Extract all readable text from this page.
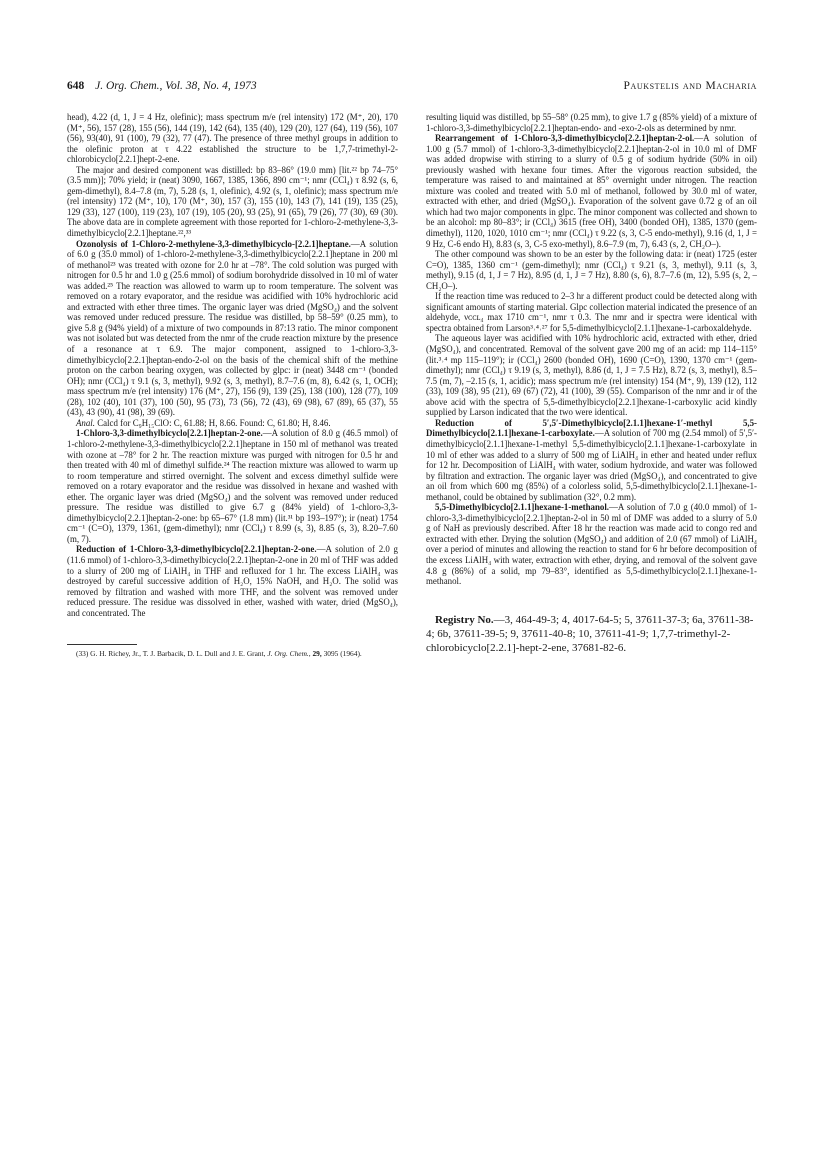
648 J. Org. Chem., Vol. 38, No. 4, 1973	Paukstelis and Macharia

head), 4.22 (d, 1, J = 4 Hz, olefinic); mass spectrum m/e (rel intensity) 172 (M⁺, 20), 170 (M⁺, 56), 157 (28), 155 (56), 144 (19), 142 (64), 135 (40), 129 (20), 127 (64), 119 (56), 107 (56), 93(40), 91 (100), 79 (32), 77 (47). The presence of three methyl groups in addition to the olefinic proton at τ 4.22 established the structure to be 1,7,7-trimethyl-2-chlorobicyclo[2.2.1]hept-2-ene.

The major and desired component was distilled: bp 83–86° (19.0 mm) [lit.²² bp 74–75° (3.5 mm)]; 70% yield; ir (neat) 3090, 1667, 1385, 1366, 890 cm⁻¹; nmr (CCl₄) τ 8.92 (s, 6, gem-dimethyl), 8.4–7.8 (m, 7), 5.28 (s, 1, olefinic), 4.92 (s, 1, olefinic); mass spectrum m/e (rel intensity) 172 (M⁺, 10), 170 (M⁺, 30), 157 (3), 155 (10), 143 (7), 141 (19), 135 (25), 129 (33), 127 (100), 119 (23), 107 (19), 105 (20), 93 (25), 91 (65), 79 (26), 77 (30), 69 (30). The above data are in complete agreement with those reported for 1-chloro-2-methylene-3,3-dimethylbicyclo[2.2.1]heptane.²²,³³

Ozonolysis of 1-Chloro-2-methylene-3,3-dimethylbicyclo-[2.2.1]heptane.—A solution of 6.0 g (35.0 mmol) of 1-chloro-2-methylene-3,3-dimethylbicyclo[2.2.1]heptane in 200 ml of methanol²³ was treated with ozone for 2.0 hr at –78°. The cold solution was purged with nitrogen for 0.5 hr and 1.0 g (25.6 mmol) of sodium borohydride dissolved in 10 ml of water was added.²⁵ The reaction was allowed to warm up to room temperature. The solvent was removed on a rotary evaporator, and the residue was acidified with 10% hydrochloric acid and extracted with ether three times. The organic layer was dried (MgSO₄) and the solvent was removed under reduced pressure. The residue was distilled, bp 58–59° (0.25 mm), to give 5.8 g (94% yield) of a mixture of two compounds in 87:13 ratio. The minor component was not isolated but was detected from the nmr of the crude reaction mixture by the presence of a resonance at τ 6.9. The major component, assigned to 1-chloro-3,3-dimethylbicyclo[2.2.1]heptan-endo-2-ol on the basis of the chemical shift of the methine proton on the carbon bearing oxygen, was collected by glpc: ir (neat) 3448 cm⁻¹ (bonded OH); nmr (CCl₄) τ 9.1 (s, 3, methyl), 9.92 (s, 3, methyl), 8.7–7.6 (m, 8), 6.42 (s, 1, OCH); mass spectrum m/e (rel intensity) 176 (M⁺, 27), 156 (9), 139 (25), 138 (100), 128 (77), 109 (28), 102 (40), 101 (37), 100 (50), 95 (73), 73 (56), 72 (43), 69 (98), 67 (89), 65 (37), 55 (43), 43 (90), 41 (98), 39 (69).

Anal. Calcd for C₉H₁₅ClO: C, 61.88; H, 8.66. Found: C, 61.80; H, 8.46.

1-Chloro-3,3-dimethylbicyclo[2.2.1]heptan-2-one.—A solution of 8.0 g (46.5 mmol) of 1-chloro-2-methylene-3,3-dimethylbicyclo[2.2.1]heptane in 150 ml of methanol was treated with ozone at –78° for 2 hr. The reaction mixture was purged with nitrogen for 0.5 hr and then treated with 40 ml of dimethyl sulfide.²⁴ The reaction mixture was allowed to warm up to room temperature and stirred overnight. The solvent and excess dimethyl sulfide were removed on a rotary evaporator and the residue was dissolved in hexane and washed with ether. The organic layer was dried (MgSO₄) and the solvent was removed under reduced pressure. The residue was distilled to give 6.7 g (84% yield) of 1-chloro-3,3-dimethylbicyclo[2.2.1]heptan-2-one: bp 65–67° (1.8 mm) (lit.³¹ bp 193–197°); ir (neat) 1754 cm⁻¹ (C=O), 1379, 1361, (gem-dimethyl); nmr (CCl₄) τ 8.99 (s, 3), 8.85 (s, 3), 8.20–7.60 (m, 7).

Reduction of 1-Chloro-3,3-dimethylbicyclo[2.2.1]heptan-2-one.—A solution of 2.0 g (11.6 mmol) of 1-chloro-3,3-dimethylbicyclo[2.2.1]heptan-2-one in 20 ml of THF was added to a slurry of 200 mg of LiAlH₄ in THF and refluxed for 1 hr. The excess LiAlH₄ was destroyed by careful successive addition of H₂O, 15% NaOH, and H₂O. The solid was removed by filtration and washed with more THF, and the solvent was removed under reduced pressure. The residue was dissolved in ether, washed with water, dried (MgSO₄), and concentrated. The

(33) G. H. Richey, Jr., T. J. Barbacik, D. L. Dull and J. E. Grant, J. Org. Chem., 29, 3095 (1964).

resulting liquid was distilled, bp 55–58° (0.25 mm), to give 1.7 g (85% yield) of a mixture of 1-chloro-3,3-dimethylbicyclo[2.2.1]heptan-endo- and -exo-2-ols as determined by nmr.

Rearrangement of 1-Chloro-3,3-dimethylbicyclo[2.2.1]heptan-2-ol.—A solution of 1.00 g (5.7 mmol) of 1-chloro-3,3-dimethylbicyclo[2.2.1]heptan-2-ol in 10.0 ml of DMF was added dropwise with stirring to a slurry of 0.5 g of sodium hydride (50% in oil) previously washed with hexane four times. After the vigorous reaction subsided, the temperature was raised to and maintained at 85° overnight under nitrogen. The reaction mixture was cooled and treated with 5.0 ml of methanol, followed by 30.0 ml of water, extracted with ether, and dried (MgSO₄). Evaporation of the solvent gave 0.72 g of an oil which had two major components in glpc. The minor component was collected and shown to be an alcohol: mp 80–83°; ir (CCl₄) 3615 (free OH), 3400 (bonded OH), 1385, 1370 (gem-dimethyl), 1120, 1020, 1010 cm⁻¹; nmr (CCl₄) τ 9.22 (s, 3, C-5 endo-methyl), 9.16 (d, 1, J = 9 Hz, C-6 endo H), 8.83 (s, 3, C-5 exo-methyl), 8.6–7.9 (m, 7), 6.43 (s, 2, CH₂O–).

The other compound was shown to be an ester by the following data: ir (neat) 1725 (ester C=O), 1385, 1360 cm⁻¹ (gem-dimethyl); nmr (CCl₄) τ 9.21 (s, 3, methyl), 9.11 (s, 3, methyl), 9.15 (d, 1, J = 7 Hz), 8.95 (d, 1, J = 7 Hz), 8.80 (s, 6), 8.7–7.6 (m, 12), 5.95 (s, 2, –CH₂O–).

If the reaction time was reduced to 2–3 hr a different product could be detected along with significant amounts of starting material. Glpc collection material indicated the presence of an aldehyde, νᴄᴄʟ₄ max 1710 cm⁻¹, nmr τ 0.3. The nmr and ir spectra were identical with spectra obtained from Larson³˒⁴˒²⁷ for 5,5-dimethylbicyclo[2.1.1]hexane-1-carboxaldehyde.

The aqueous layer was acidified with 10% hydrochloric acid, extracted with ether, dried (MgSO₄), and concentrated. Removal of the solvent gave 200 mg of an acid: mp 114–115° (lit.³˒⁴ mp 115–119°); ir (CCl₄) 2600 (bonded OH), 1690 (C=O), 1390, 1370 cm⁻¹ (gem-dimethyl); nmr (CCl₄) τ 9.19 (s, 3, methyl), 8.86 (d, 1, J = 7.5 Hz), 8.72 (s, 3, methyl), 8.5–7.5 (m, 7), –2.15 (s, 1, acidic); mass spectrum m/e (rel intensity) 154 (M⁺, 9), 139 (12), 112 (33), 109 (38), 95 (21), 69 (67) (72), 41 (100), 39 (55). Comparison of the nmr and ir of the above acid with the spectra of 5,5-dimethylbicyclo[2.2.1]hexane-1-carboxylic acid kindly supplied by Larson indicated that the two were identical.

Reduction of 5′,5′-Dimethylbicyclo[2.1.1]hexane-1′-methyl 5,5-Dimethylbicyclo[2.1.1]hexane-1-carboxylate.—A solution of 700 mg (2.54 mmol) of 5′,5′-dimethylbicyclo[2.1.1]hexane-1-methyl 5,5-dimethylbicyclo[2.1.1]hexane-1-carboxylate in 10 ml of ether was added to a slurry of 500 mg of LiAlH₄ in ether and heated under reflux for 12 hr. Decomposition of LiAlH₄ with water, sodium hydroxide, and water was followed by filtration and extraction. The organic layer was dried (MgSO₄), and concentrated to give an oil from which 600 mg (85%) of a colorless solid, 5,5-dimethylbicyclo[2.1.1]hexane-1-methanol, could be obtained by sublimation (32°, 0.2 mm).

5,5-Dimethylbicyclo[2.1.1]hexane-1-methanol.—A solution of 7.0 g (40.0 mmol) of 1-chloro-3,3-dimethylbicyclo[2.2.1]heptan-2-ol in 50 ml of DMF was added to a slurry of 5.0 g of NaH as previously described. After 18 hr the reaction was made acid to congo red and extracted with ether. Drying the solution (MgSO₄) and addition of 2.0 (67 mmol) of LiAlH₄ over a period of minutes and allowing the reaction to stand for 6 hr before decomposition of the excess LiAlH₄ with water, extraction with ether, drying, and removal of the solvent gave 4.8 g (86%) of a solid, mp 79–83°, identified as 5,5-dimethylbicyclo[2.1.1]hexane-1-methanol.

Registry No.—3, 464-49-3; 4, 4017-64-5; 5, 37611-37-3; 6a, 37611-38-4; 6b, 37611-39-5; 9, 37611-40-8; 10, 37611-41-9; 1,7,7-trimethyl-2-chlorobicyclo[2.2.1]-hept-2-ene, 37681-82-6.
